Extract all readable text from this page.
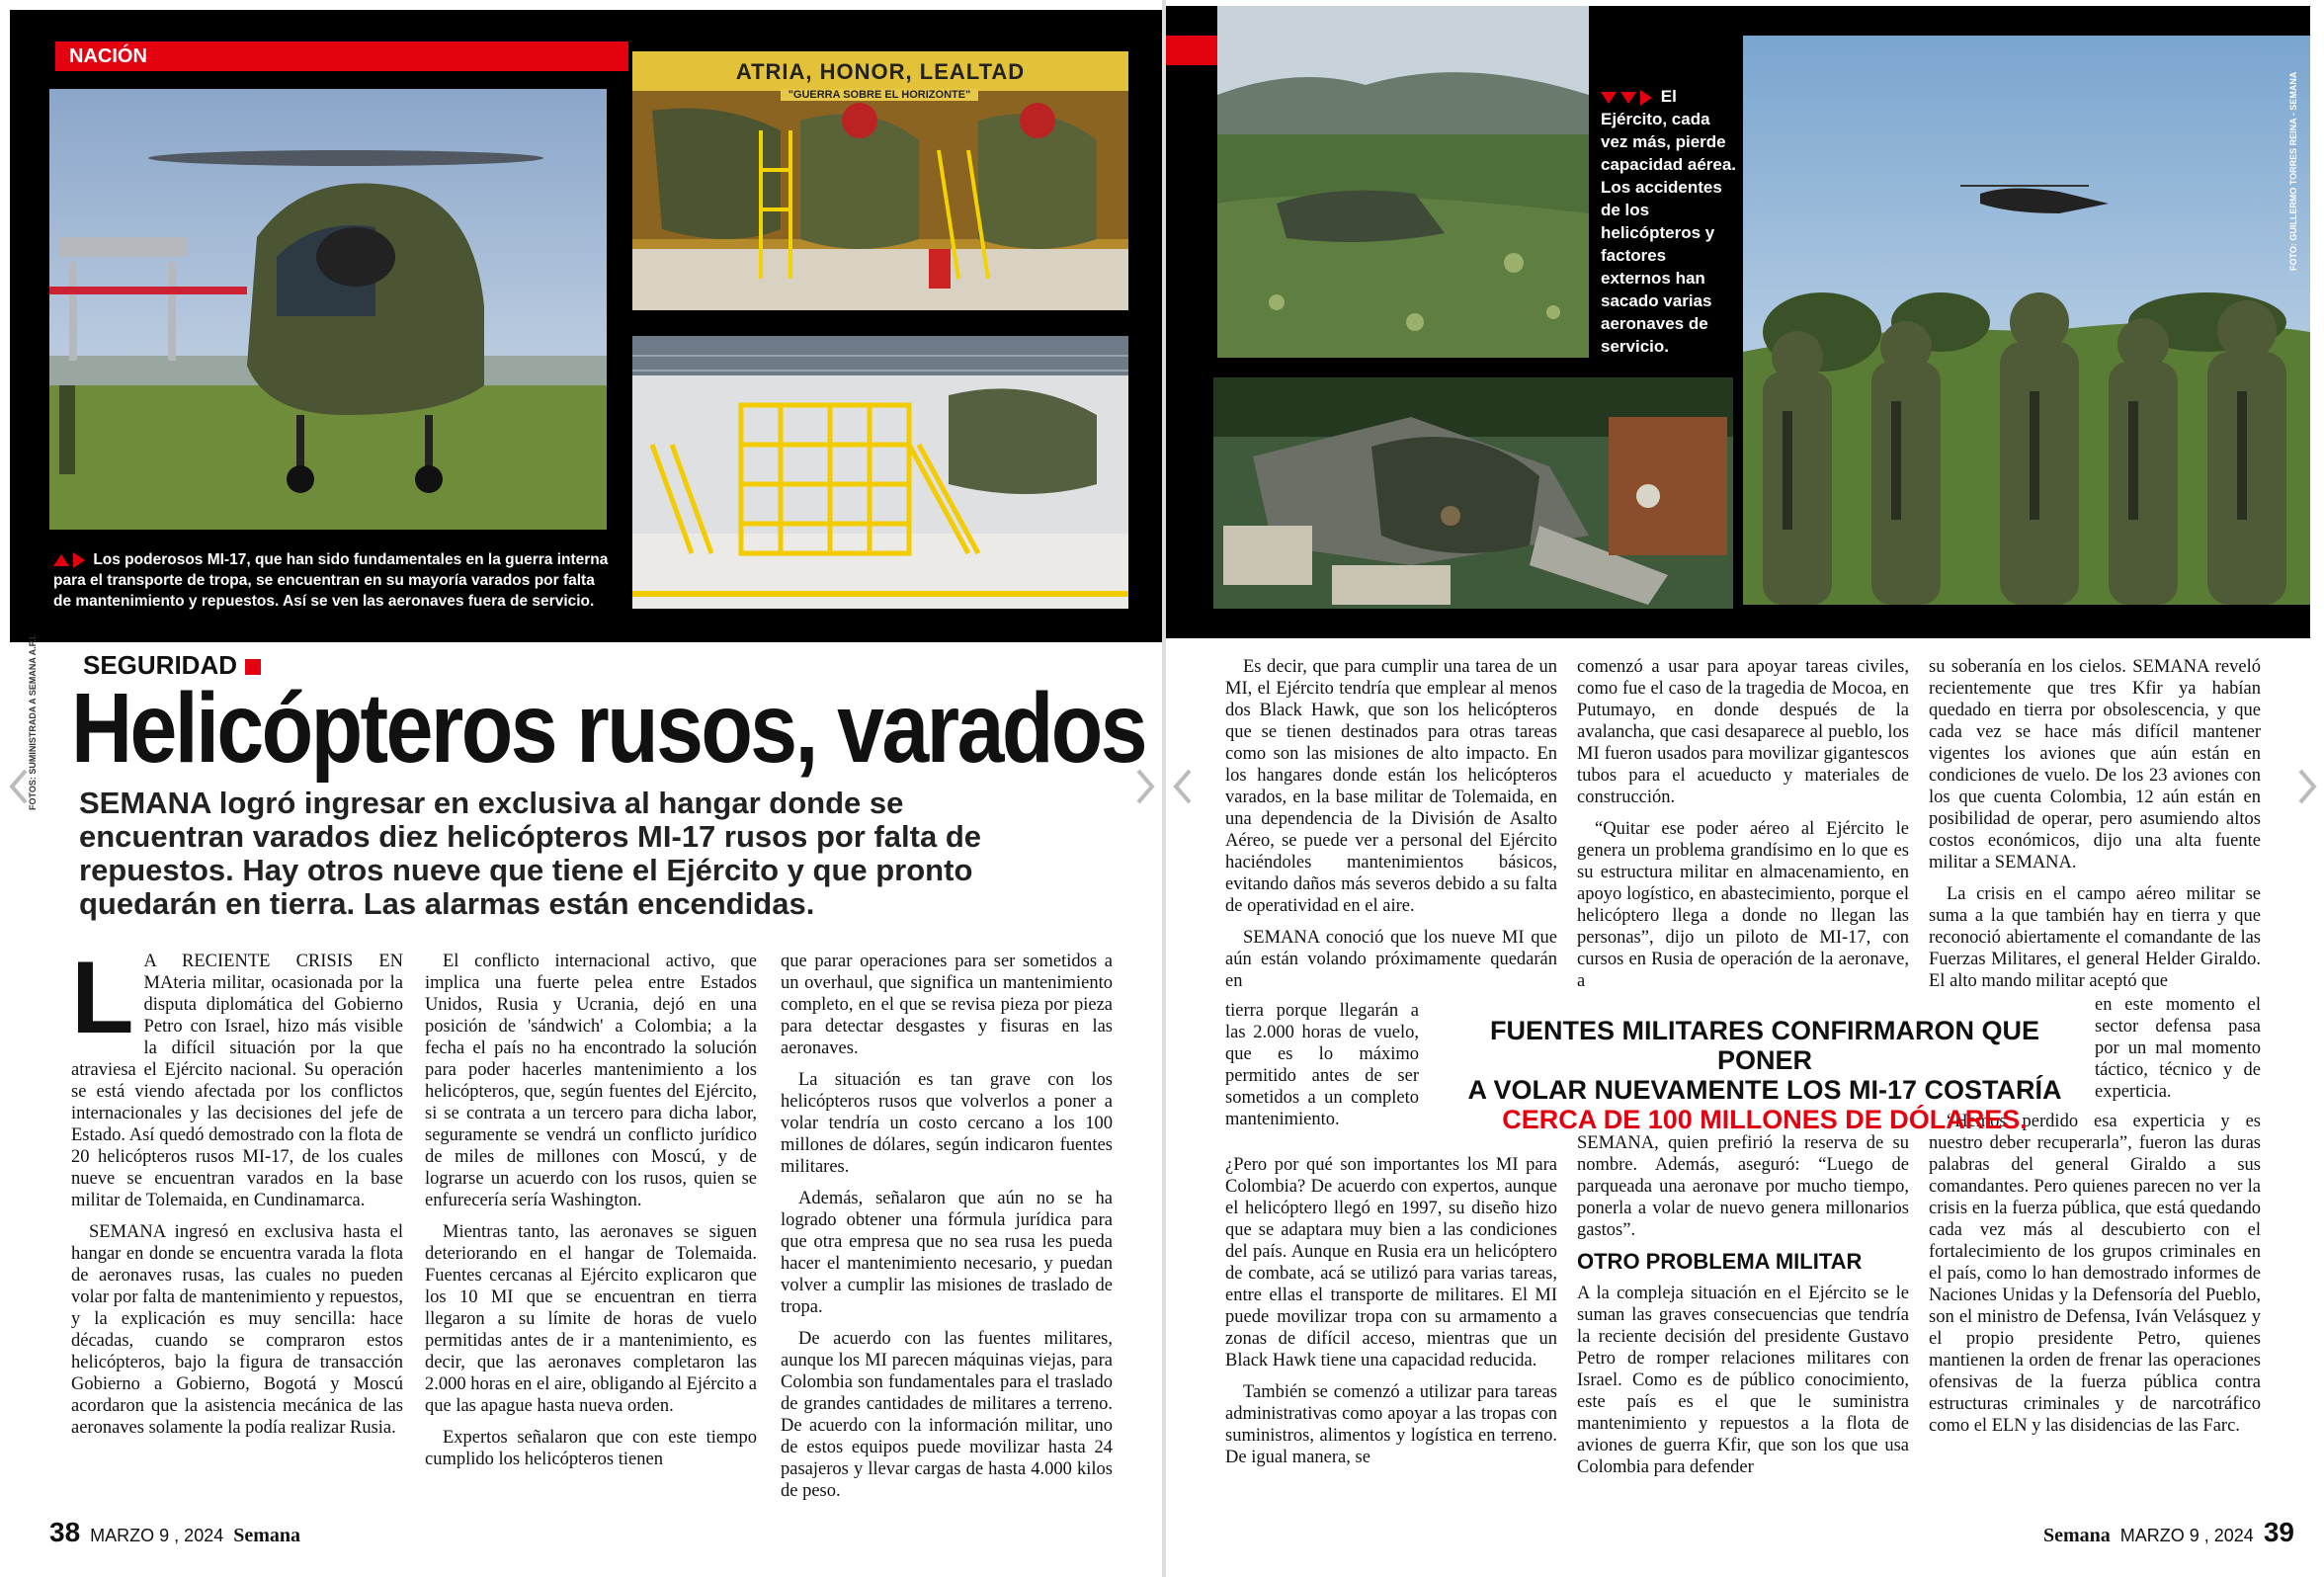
NACIÓN
ATRIA, HONOR, LEALTAD
"GUERRA SOBRE EL HORIZONTE"
Los poderosos MI-17, que han sido fundamentales en la guerra interna para el transporte de tropa, se encuentran en su mayoría varados por falta de mantenimiento y repuestos. Así se ven las aeronaves fuera de servicio.
FOTOS: SUMINISTRADA A SEMANA A.P.I. SEGURIDAD
Helicópteros rusos, varados
SEMANA logró ingresar en exclusiva al hangar donde se encuentran varados diez helicópteros MI-17 rusos por falta de repuestos. Hay otros nueve que tiene el Ejército y que pronto quedarán en tierra. Las alarmas están encendidas.

L A RECIENTE CRISIS EN MAteria militar, ocasionada por la disputa diplomática del Gobierno Petro con Israel, hizo más visible la difícil situación por la que atraviesa el Ejército nacional. Su operación se está viendo afectada por los conflictos internacionales y las decisiones del jefe de Estado. Así quedó demostrado con la flota de 20 helicópteros rusos MI-17, de los cuales nueve se encuentran varados en la base militar de Tolemaida, en Cundinamarca.

SEMANA ingresó en exclusiva hasta el hangar en donde se encuentra varada la flota de aeronaves rusas, las cuales no pueden volar por falta de mantenimiento y repuestos, y la explicación es muy sencilla: hace décadas, cuando se compraron estos helicópteros, bajo la figura de transacción Gobierno a Gobierno, Bogotá y Moscú acordaron que la asistencia mecánica de las aeronaves solamente la podía realizar Rusia.

El conflicto internacional activo, que implica una fuerte pelea entre Estados Unidos, Rusia y Ucrania, dejó en una posición de 'sándwich' a Colombia; a la fecha el país no ha encontrado la solución para poder hacerles mantenimiento a los helicópteros, que, según fuentes del Ejército, si se contrata a un tercero para dicha labor, seguramente se vendrá un conflicto jurídico de miles de millones con Moscú, y de lograrse un acuerdo con los rusos, quien se enfurecería sería Washington.

Mientras tanto, las aeronaves se siguen deteriorando en el hangar de Tolemaida. Fuentes cercanas al Ejército explicaron que los 10 MI que se encuentran en tierra llegaron a su límite de horas de vuelo permitidas antes de ir a mantenimiento, es decir, que las aeronaves completaron las 2.000 horas en el aire, obligando al Ejército a que las apague hasta nueva orden.

Expertos señalaron que con este tiempo cumplido los helicópteros tienen

que parar operaciones para ser sometidos a un overhaul, que significa un mantenimiento completo, en el que se revisa pieza por pieza para detectar desgastes y fisuras en las aeronaves.

La situación es tan grave con los helicópteros rusos que volverlos a poner a volar tendría un costo cercano a los 100 millones de dólares, según indicaron fuentes militares.

Además, señalaron que aún no se ha logrado obtener una fórmula jurídica para que otra empresa que no sea rusa les pueda hacer el mantenimiento necesario, y puedan volver a cumplir las misiones de traslado de tropa.

De acuerdo con las fuentes militares, aunque los MI parecen máquinas viejas, para Colombia son fundamentales para el traslado de grandes cantidades de militares a terreno. De acuerdo con la información militar, uno de estos equipos puede movilizar hasta 24 pasajeros y llevar cargas de hasta 4.000 kilos de peso.

38 MARZO 9 , 2024 Semana
El Ejército, cada vez más, pierde capacidad aérea. Los accidentes de los helicópteros y factores externos han sacado varias aeronaves de servicio.
FOTO: GUILLERMO TORRES REINA - SEMANA

Es decir, que para cumplir una tarea de un MI, el Ejército tendría que emplear al menos dos Black Hawk, que son los helicópteros que se tienen destinados para otras tareas como son las misiones de alto impacto. En los hangares donde están los helicópteros varados, en la base militar de Tolemaida, en una dependencia de la División de Asalto Aéreo, se puede ver a personal del Ejército haciéndoles mantenimientos básicos, evitando daños más severos debido a su falta de operatividad en el aire.

SEMANA conoció que los nueve MI que aún están volando próximamente quedarán en

tierra porque llegarán a las 2.000 horas de vuelo, que es lo máximo permitido antes de ser sometidos a un completo mantenimiento.

¿Pero por qué son importantes los MI para Colombia? De acuerdo con expertos, aunque el helicóptero llegó en 1997, su diseño hizo que se adaptara muy bien a las condiciones del país. Aunque en Rusia era un helicóptero de combate, acá se utilizó para varias tareas, entre ellas el transporte de militares. El MI puede movilizar tropa con su armamento a zonas de difícil acceso, mientras que un Black Hawk tiene una capacidad reducida.

También se comenzó a utilizar para tareas administrativas como apoyar a las tropas con suministros, alimentos y logística en terreno. De igual manera, se

comenzó a usar para apoyar tareas civiles, como fue el caso de la tragedia de Mocoa, en Putumayo, en donde después de la avalancha, que casi desaparece al pueblo, los MI fueron usados para movilizar gigantescos tubos para el acueducto y materiales de construcción.

“Quitar ese poder aéreo al Ejército le genera un problema grandísimo en lo que es su estructura militar en almacenamiento, en apoyo logístico, en abastecimiento, porque el helicóptero llega a donde no llegan las personas”, dijo un piloto de MI-17, con cursos en Rusia de operación de la aeronave, a

SEMANA, quien prefirió la reserva de su nombre. Además, aseguró: “Luego de parqueada una aeronave por mucho tiempo, ponerla a volar de nuevo genera millonarios gastos”.

OTRO PROBLEMA MILITAR

A la compleja situación en el Ejército se le suman las graves consecuencias que tendría la reciente decisión del presidente Gustavo Petro de romper relaciones militares con Israel. Como es de público conocimiento, este país es el que le suministra mantenimiento y repuestos a la flota de aviones de guerra Kfir, que son los que usa Colombia para defender

su soberanía en los cielos. SEMANA reveló recientemente que tres Kfir ya habían quedado en tierra por obsolescencia, y que cada vez se hace más difícil mantener vigentes los aviones que aún están en condiciones de vuelo. De los 23 aviones con los que cuenta Colombia, 12 aún están en posibilidad de operar, pero asumiendo altos costos económicos, dijo una alta fuente militar a SEMANA.

La crisis en el campo aéreo militar se suma a la que también hay en tierra y que reconoció abiertamente el comandante de las Fuerzas Militares, el general Helder Giraldo. El alto mando militar aceptó que

en este momento el sector defensa pasa por un mal momento táctico, técnico y de experticia.

“Hemos perdido esa experticia y es nuestro deber recuperarla”, fueron las duras palabras del general Giraldo a sus comandantes. Pero quienes parecen no ver la crisis en la fuerza pública, que está quedando cada vez más al descubierto con el fortalecimiento de los grupos criminales en el país, como lo han demostrado informes de Naciones Unidas y la Defensoría del Pueblo, son el ministro de Defensa, Iván Velásquez y el propio presidente Petro, quienes mantienen la orden de frenar las operaciones ofensivas de la fuerza pública contra estructuras criminales y de narcotráfico como el ELN y las disidencias de las Farc.

FUENTES MILITARES CONFIRMARON QUE PONER
A VOLAR NUEVAMENTE LOS MI-17 COSTARÍA
CERCA DE 100 MILLONES DE DÓLARES.
Semana MARZO 9 , 2024 39
